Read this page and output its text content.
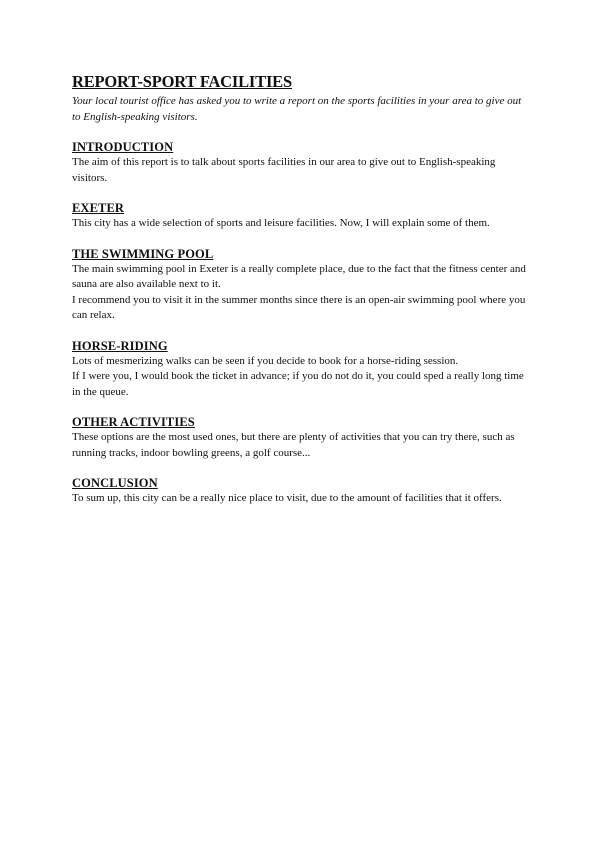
REPORT-SPORT FACILITIES

Your local tourist office has asked you to write a report on the sports facilities in your area to give out to English-speaking visitors.

INTRODUCTION

The aim of this report is to talk about sports facilities in our area to give out to English-speaking visitors.

EXETER

This city has a wide selection of sports and leisure facilities. Now, I will explain some of them.

THE SWIMMING POOL

The main swimming pool in Exeter is a really complete place, due to the fact that the fitness center and sauna are also available next to it.

I recommend you to visit it in the summer months since there is an open-air swimming pool where you can relax.

HORSE-RIDING

Lots of mesmerizing walks can be seen if you decide to book for a horse-riding session.

If I were you, I would book the ticket in advance; if you do not do it, you could sped a really long time in the queue.

OTHER ACTIVITIES

These options are the most used ones, but there are plenty of activities that you can try there, such as running tracks, indoor bowling greens, a golf course...

CONCLUSION

To sum up, this city can be a really nice place to visit, due to the amount of facilities that it offers.
